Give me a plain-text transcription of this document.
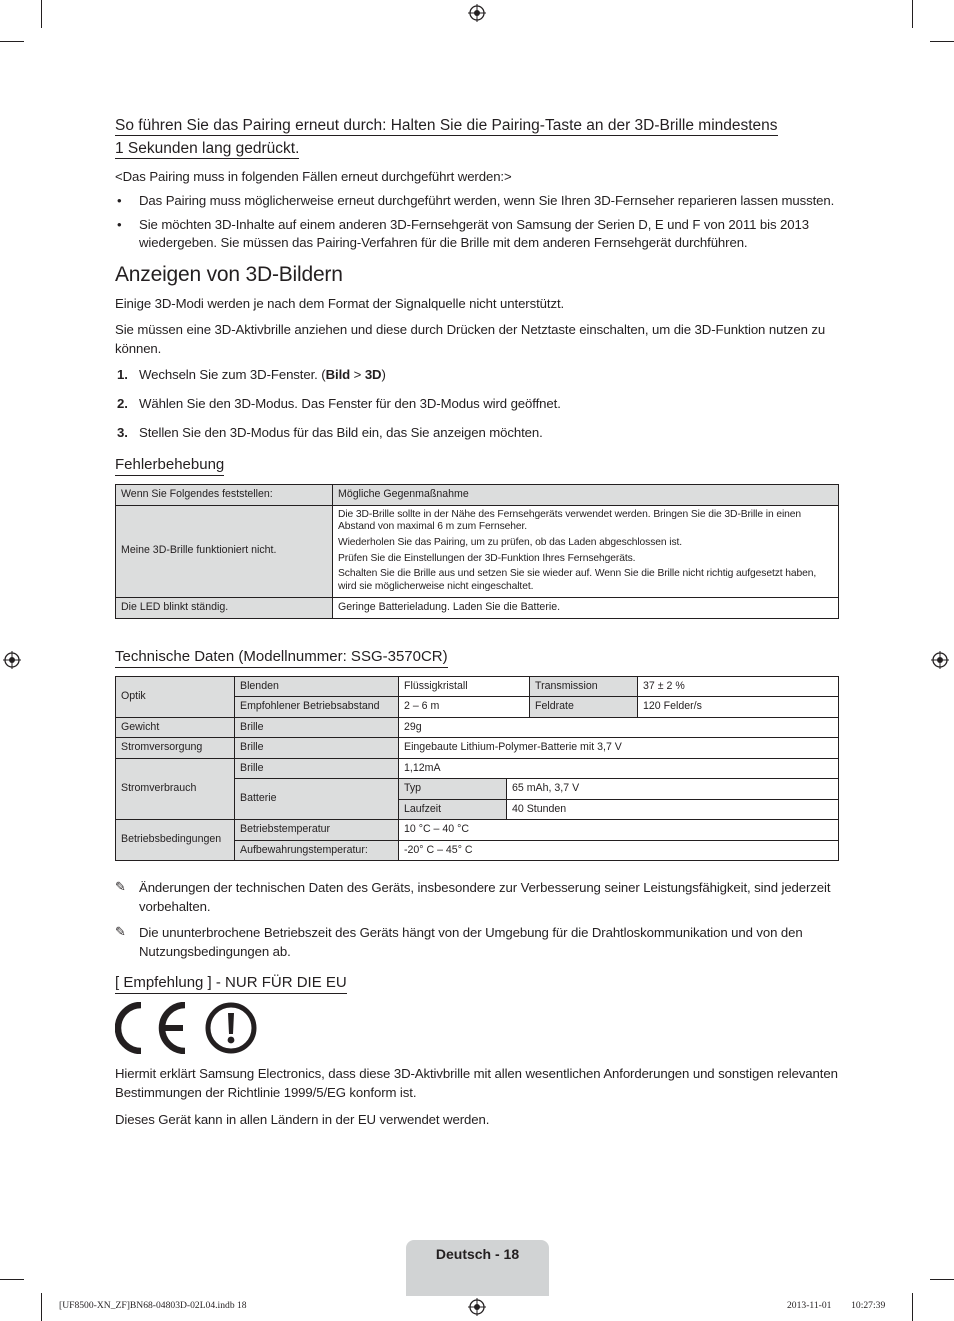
So führen Sie das Pairing erneut durch: Halten Sie die Pairing-Taste an der 3D-Brille mindestens 1 Sekunden lang gedrückt.

<Das Pairing muss in folgenden Fällen erneut durchgeführt werden:>

• Das Pairing muss möglicherweise erneut durchgeführt werden, wenn Sie Ihren 3D-Fernseher reparieren lassen mussten.
• Sie möchten 3D-Inhalte auf einem anderen 3D-Fernsehgerät von Samsung der Serien D, E und F von 2011 bis 2013 wiedergeben. Sie müssen das Pairing-Verfahren für die Brille mit dem anderen Fernsehgerät durchführen.
Anzeigen von 3D-Bildern

Einige 3D-Modi werden je nach dem Format der Signalquelle nicht unterstützt.

Sie müssen eine 3D-Aktivbrille anziehen und diese durch Drücken der Netztaste einschalten, um die 3D-Funktion nutzen zu können.

1. Wechseln Sie zum 3D-Fenster. (Bild > 3D)
2. Wählen Sie den 3D-Modus. Das Fenster für den 3D-Modus wird geöffnet.
3. Stellen Sie den 3D-Modus für das Bild ein, das Sie anzeigen möchten.
Fehlerbehebung
Wenn Sie Folgendes feststellen:	Mögliche Gegenmaßnahme
Meine 3D-Brille funktioniert nicht.	Die 3D-Brille sollte in der Nähe des Fernsehgeräts verwendet werden. Bringen Sie die 3D-Brille in einen Abstand von maximal 6 m zum Fernseher.
Wiederholen Sie das Pairing, um zu prüfen, ob das Laden abgeschlossen ist.
Prüfen Sie die Einstellungen der 3D-Funktion Ihres Fernsehgeräts.
Schalten Sie die Brille aus und setzen Sie sie wieder auf. Wenn Sie die Brille nicht richtig aufgesetzt haben, wird sie möglicherweise nicht eingeschaltet.

Die LED blinkt ständig.	Geringe Batterieladung. Laden Sie die Batterie.
Technische Daten (Modellnummer: SSG-3570CR)
Optik	Blenden	Flüssigkristall		Transmission	37 ± 2 %
	Empfohlener Betriebsabstand	2 – 6 m		Feldrate	120 Felder/s
Gewicht	Brille	29g			
Stromversorgung	Brille	Eingebaute Lithium-Polymer-Batterie mit 3,7 V			
Stromverbrauch	Brille	1,12mA			
	Batterie	Typ	65 mAh, 3,7 V		
		Laufzeit	40 Stunden		
Betriebsbedingungen	Betriebstemperatur	10 °C – 40 °C			
	Aufbewahrungstemperatur:	-20° C – 45° C			
✎ Änderungen der technischen Daten des Geräts, insbesondere zur Verbesserung seiner Leistungsfähigkeit, sind jederzeit vorbehalten.
✎ Die ununterbrochene Betriebszeit des Geräts hängt von der Umgebung für die Drahtloskommunikation und von den Nutzungsbedingungen ab.
[ Empfehlung ] - NUR FÜR DIE EU

Hiermit erklärt Samsung Electronics, dass diese 3D-Aktivbrille mit allen wesentlichen Anforderungen und sonstigen relevanten Bestimmungen der Richtlinie 1999/5/EG konform ist.

Dieses Gerät kann in allen Ländern in der EU verwendet werden.

Deutsch - 18
[UF8500-XN_ZF]BN68-04803D-02L04.indb 18	2013-11-01 ￿￿ 10:27:39
